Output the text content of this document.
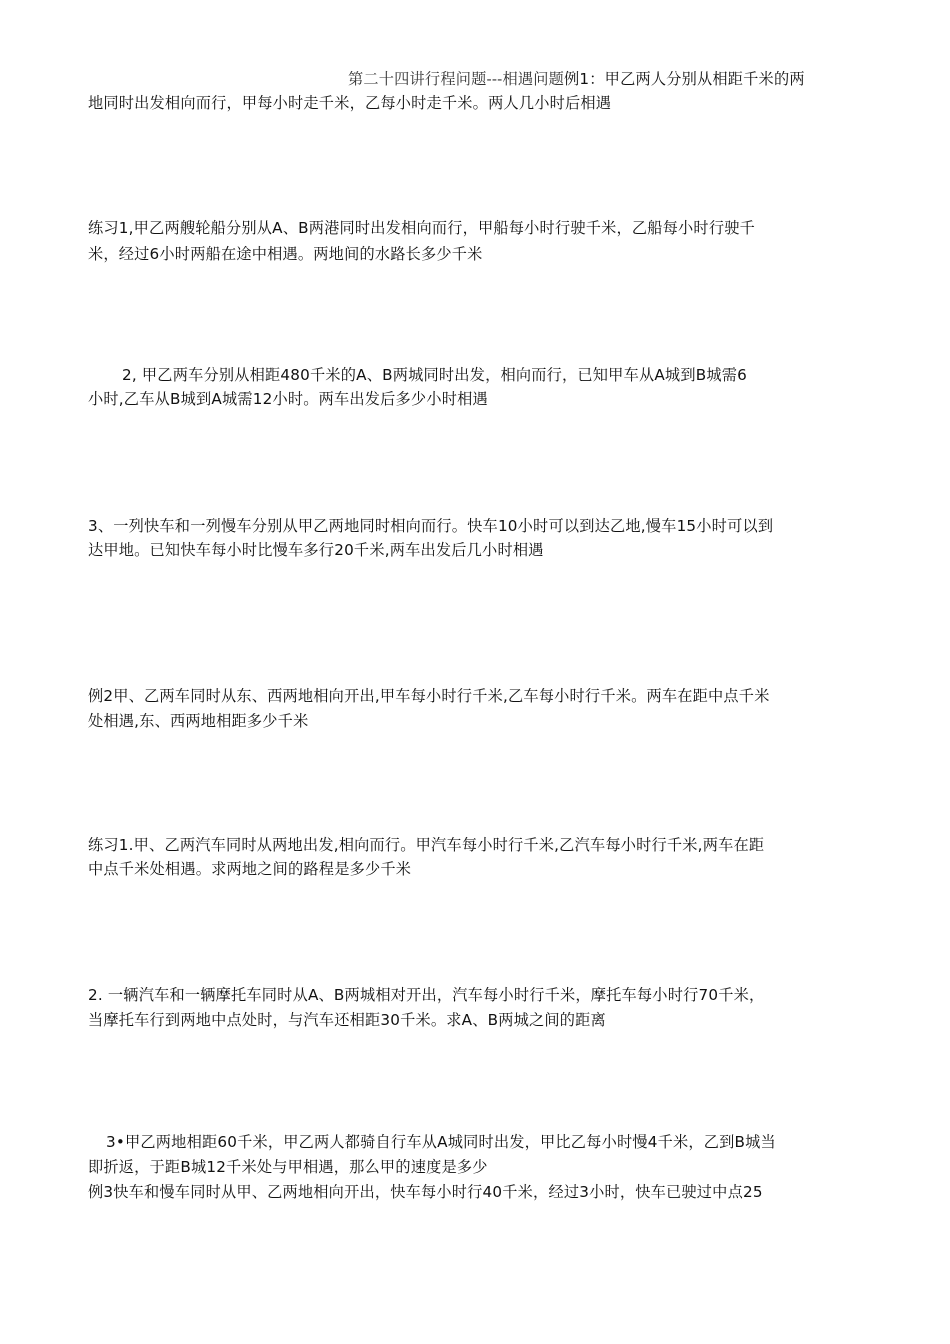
第二十四讲行程问题---相遇问题例1：甲乙两人分别从相距千米的两
地同时出发相向而行，甲每小时走千米，乙每小时走千米。两人几小时后相遇
练习1,甲乙两艘轮船分别从A、B两港同时出发相向而行，甲船每小时行驶千米，乙船每小时行驶千
米，经过6小时两船在途中相遇。两地间的水路长多少千米
2, 甲乙两车分别从相距480千米的A、B两城同时出发，相向而行，已知甲车从A城到B城需6
小时,乙车从B城到A城需12小时。两车出发后多少小时相遇
3、一列快车和一列慢车分别从甲乙两地同时相向而行。快车10小时可以到达乙地,慢车15小时可以到
达甲地。已知快车每小时比慢车多行20千米,两车出发后几小时相遇
例2甲、乙两车同时从东、西两地相向开出,甲车每小时行千米,乙车每小时行千米。两车在距中点千米
处相遇,东、西两地相距多少千米
练习1.甲、乙两汽车同时从两地出发,相向而行。甲汽车每小时行千米,乙汽车每小时行千米,两车在距
中点千米处相遇。求两地之间的路程是多少千米
2. 一辆汽车和一辆摩托车同时从A、B两城相对开出，汽车每小时行千米，摩托车每小时行70千米，
当摩托车行到两地中点处时，与汽车还相距30千米。求A、B两城之间的距离
3•甲乙两地相距60千米，甲乙两人都骑自行车从A城同时出发，甲比乙每小时慢4千米，乙到B城当
即折返，于距B城12千米处与甲相遇，那么甲的速度是多少
例3快车和慢车同时从甲、乙两地相向开出，快车每小时行40千米，经过3小时，快车已驶过中点25
